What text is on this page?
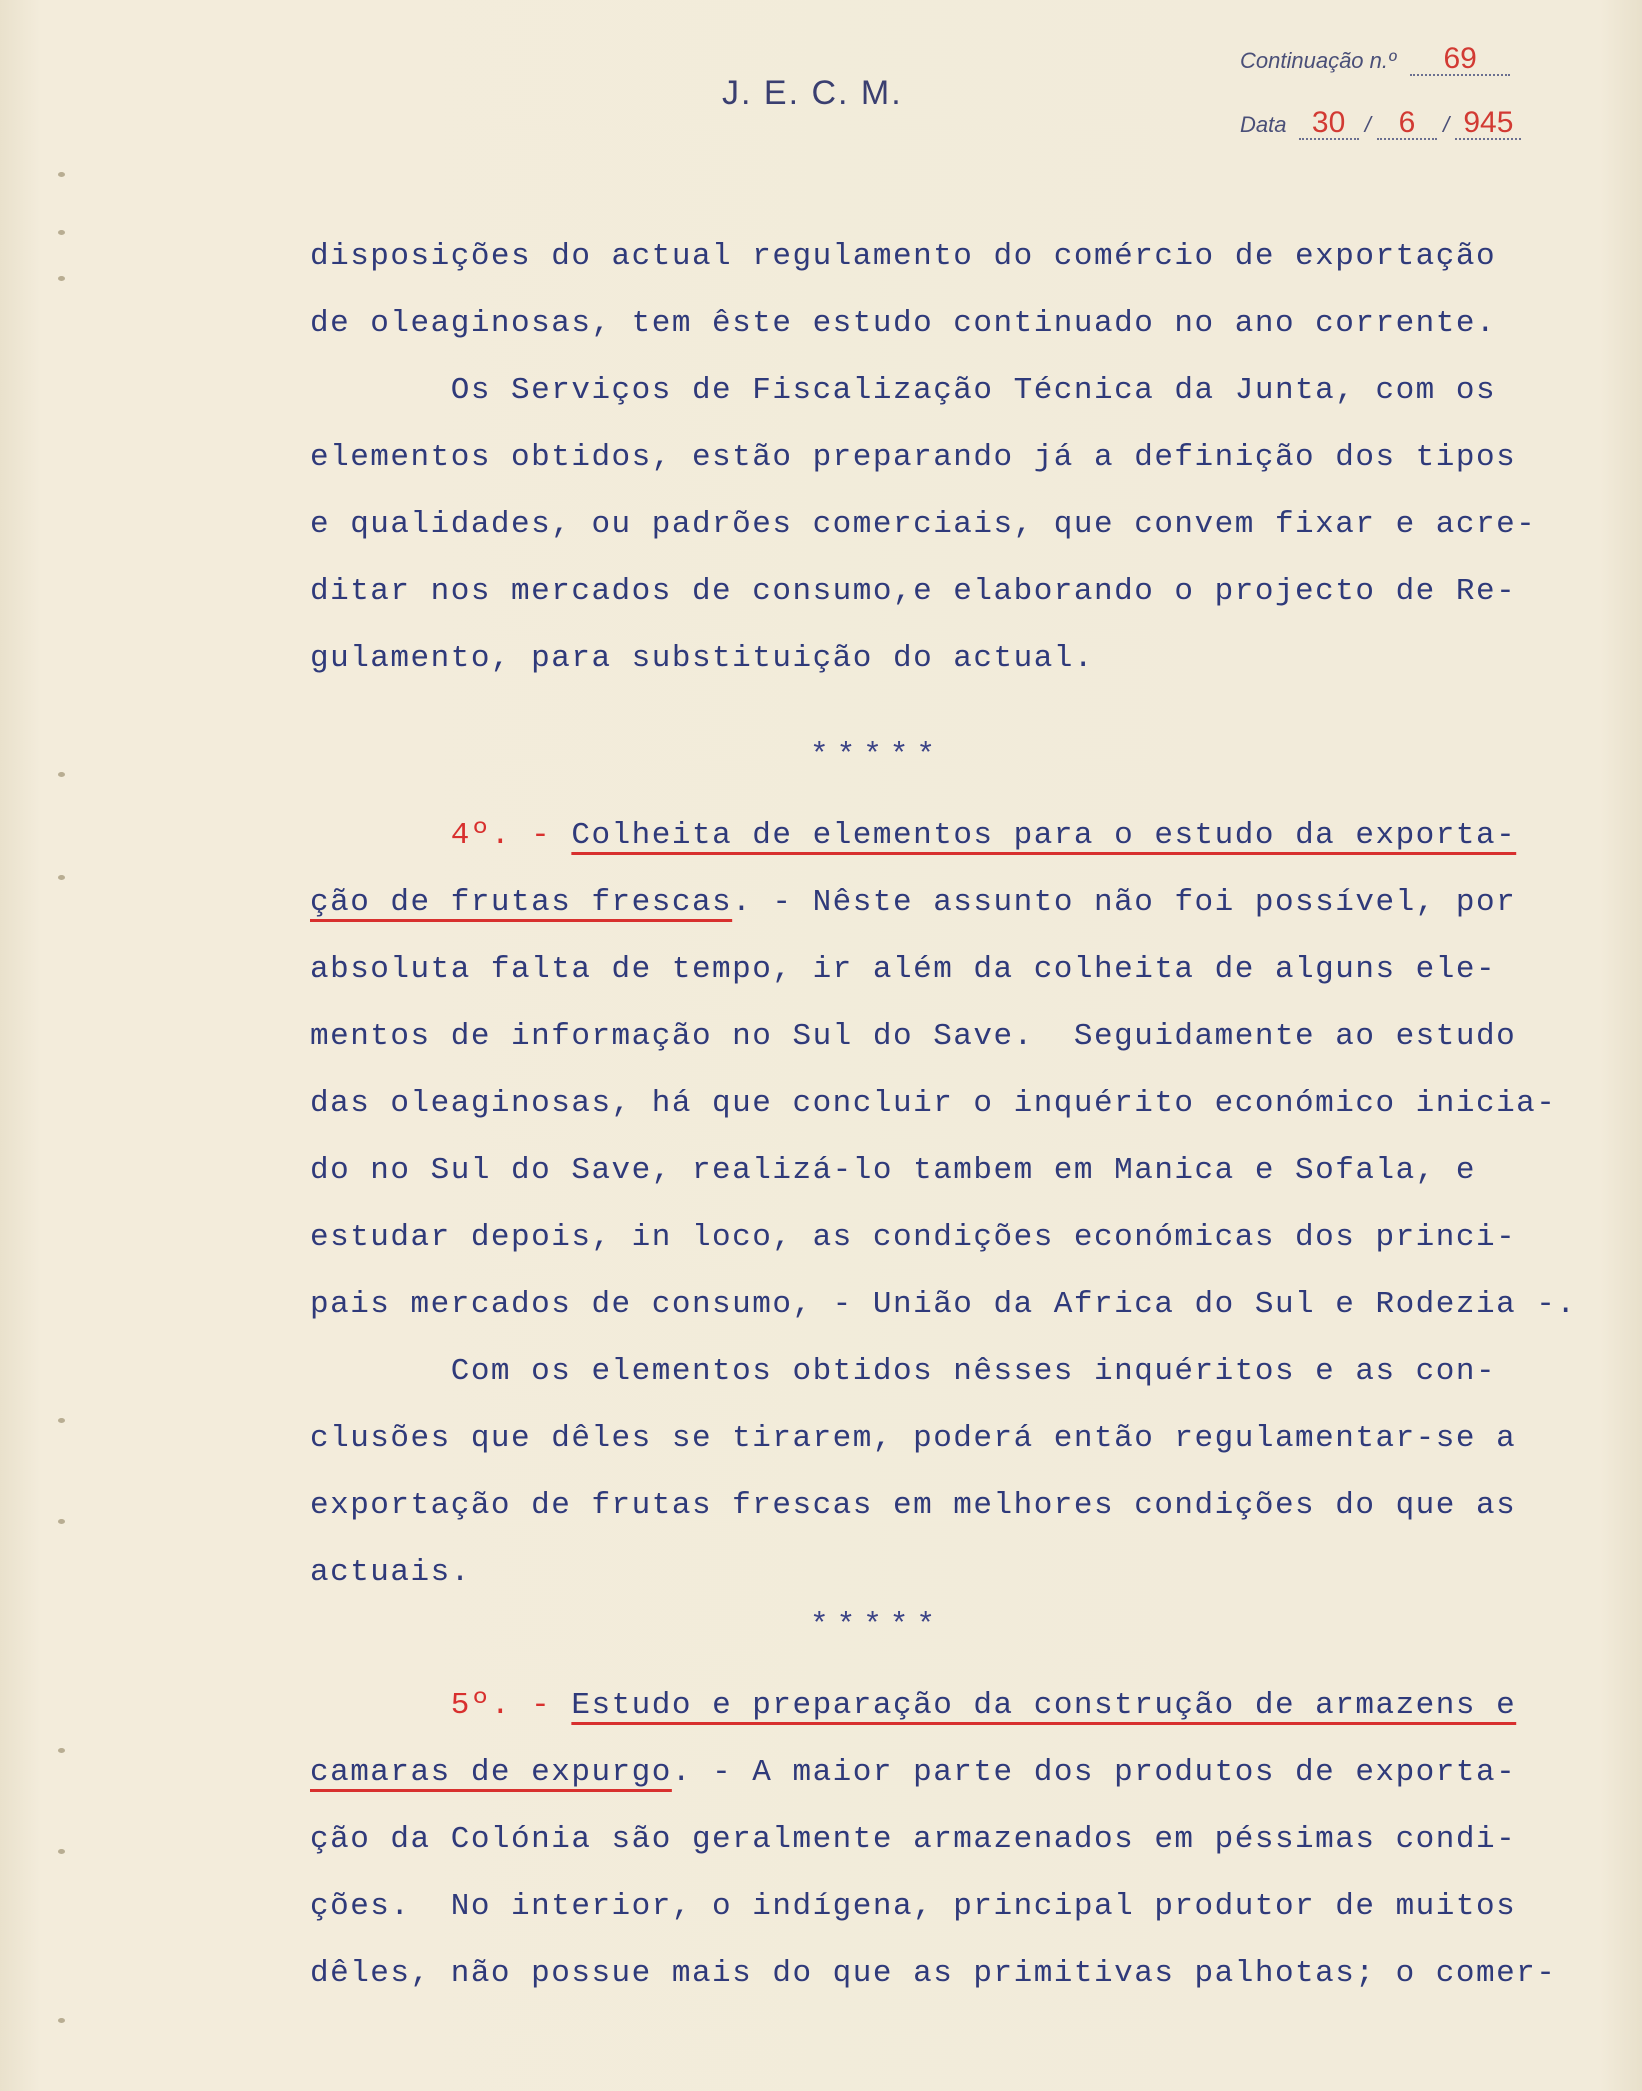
J. E. C. M.
Continuação n.º 69
Data 30 / 6 / 945
disposições do actual regulamento do comércio de exportação
de oleaginosas, tem êste estudo continuado no ano corrente.
Os Serviços de Fiscalização Técnica da Junta, com os
elementos obtidos, estão preparando já a definição dos tipos
e qualidades, ou padrões comerciais, que convem fixar e acre-
ditar nos mercados de consumo,e elaborando o projecto de Re-
gulamento, para substituição do actual.
4º. - Colheita de elementos para o estudo da exporta-
ção de frutas frescas. - Nêste assunto não foi possível, por
absoluta falta de tempo, ir além da colheita de alguns ele-
mentos de informação no Sul do Save.  Seguidamente ao estudo
das oleaginosas, há que concluir o inquérito económico inicia-
do no Sul do Save, realizá-lo tambem em Manica e Sofala, e
estudar depois, in loco, as condições económicas dos princi-
pais mercados de consumo, - União da Africa do Sul e Rodezia -.
Com os elementos obtidos nêsses inquéritos e as con-
clusões que dêles se tirarem, poderá então regulamentar-se a
exportação de frutas frescas em melhores condições do que as
actuais.
5º. - Estudo e preparação da construção de armazens e
camaras de expurgo. - A maior parte dos produtos de exporta-
ção da Colónia são geralmente armazenados em péssimas condi-
ções.  No interior, o indígena, principal produtor de muitos
dêles, não possue mais do que as primitivas palhotas; o comer-
*****
*****
